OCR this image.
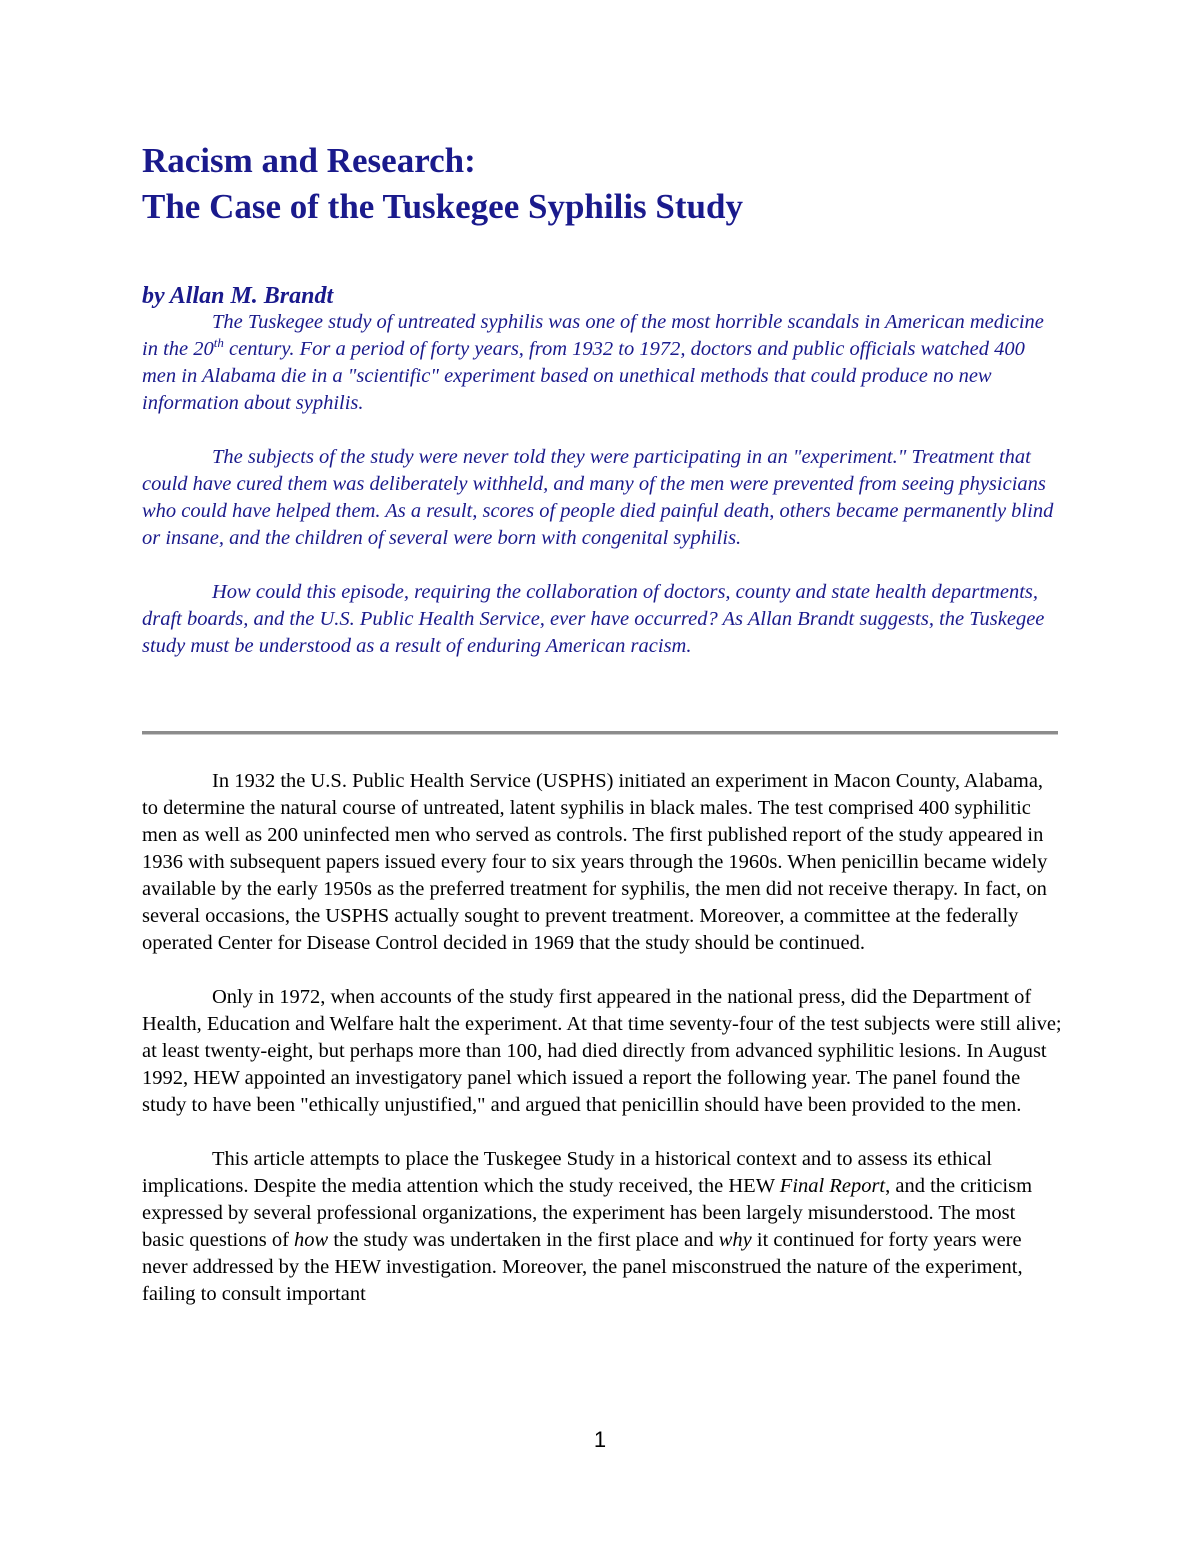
Racism and Research:
The Case of the Tuskegee Syphilis Study

by Allan M. Brandt

The Tuskegee study of untreated syphilis was one of the most horrible scandals in American medicine in the 20th century. For a period of forty years, from 1932 to 1972, doctors and public officials watched 400 men in Alabama die in a "scientific" experiment based on unethical methods that could produce no new information about syphilis.

The subjects of the study were never told they were participating in an "experiment." Treatment that could have cured them was deliberately withheld, and many of the men were prevented from seeing physicians who could have helped them. As a result, scores of people died painful death, others became permanently blind or insane, and the children of several were born with congenital syphilis.

How could this episode, requiring the collaboration of doctors, county and state health departments, draft boards, and the U.S. Public Health Service, ever have occurred? As Allan Brandt suggests, the Tuskegee study must be understood as a result of enduring American racism.

In 1932 the U.S. Public Health Service (USPHS) initiated an experiment in Macon County, Alabama, to determine the natural course of untreated, latent syphilis in black males. The test comprised 400 syphilitic men as well as 200 uninfected men who served as controls. The first published report of the study appeared in 1936 with subsequent papers issued every four to six years through the 1960s. When penicillin became widely available by the early 1950s as the preferred treatment for syphilis, the men did not receive therapy. In fact, on several occasions, the USPHS actually sought to prevent treatment. Moreover, a committee at the federally operated Center for Disease Control decided in 1969 that the study should be continued.

Only in 1972, when accounts of the study first appeared in the national press, did the Department of Health, Education and Welfare halt the experiment. At that time seventy-four of the test subjects were still alive; at least twenty-eight, but perhaps more than 100, had died directly from advanced syphilitic lesions. In August 1992, HEW appointed an investigatory panel which issued a report the following year. The panel found the study to have been "ethically unjustified," and argued that penicillin should have been provided to the men.

This article attempts to place the Tuskegee Study in a historical context and to assess its ethical implications. Despite the media attention which the study received, the HEW Final Report, and the criticism expressed by several professional organizations, the experiment has been largely misunderstood. The most basic questions of how the study was undertaken in the first place and why it continued for forty years were never addressed by the HEW investigation. Moreover, the panel misconstrued the nature of the experiment, failing to consult important

1
